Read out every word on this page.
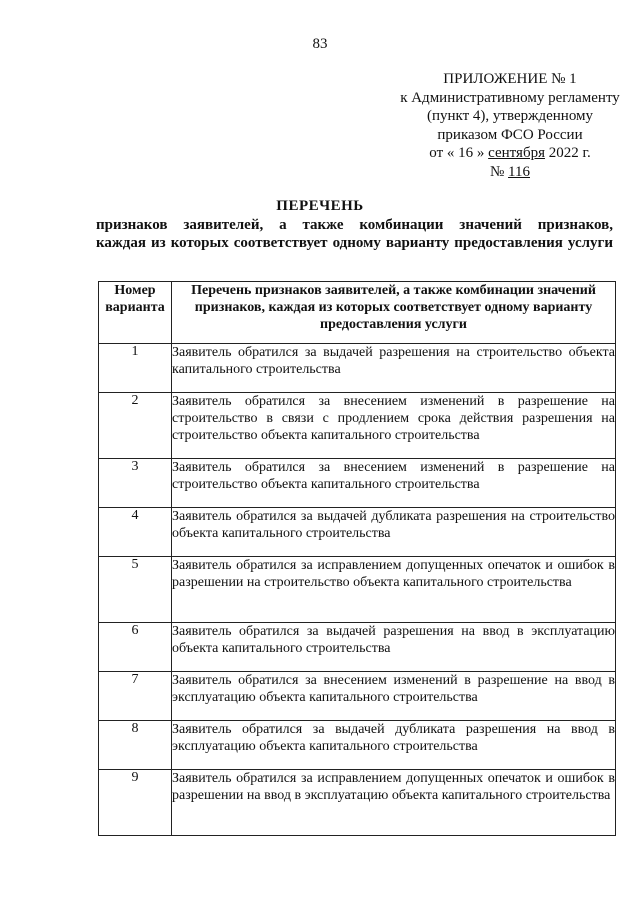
83
ПРИЛОЖЕНИЕ № 1
к Административному регламенту
(пункт 4), утвержденному
приказом ФСО России
от « 16 » сентября 2022 г.
№ 116
ПЕРЕЧЕНЬ
признаков заявителей, а также комбинации значений признаков,
каждая из которых соответствует одному варианту предоставления услуги
Номер варианта	Перечень признаков заявителей, а также комбинации значений признаков, каждая из которых соответствует одному варианту предоставления услуги
1	Заявитель обратился за выдачей разрешения на строительство объекта капитального строительства
2	Заявитель обратился за внесением изменений в разрешение на строительство в связи с продлением срока действия разрешения на строительство объекта капитального строительства
3	Заявитель обратился за внесением изменений в разрешение на строительство объекта капитального строительства
4	Заявитель обратился за выдачей дубликата разрешения на строительство объекта капитального строительства
5	Заявитель обратился за исправлением допущенных опечаток и ошибок в разрешении на строительство объекта капитального строительства
6	Заявитель обратился за выдачей разрешения на ввод в эксплуатацию объекта капитального строительства
7	Заявитель обратился за внесением изменений в разрешение на ввод в эксплуатацию объекта капитального строительства
8	Заявитель обратился за выдачей дубликата разрешения на ввод в эксплуатацию объекта капитального строительства
9	Заявитель обратился за исправлением допущенных опечаток и ошибок в разрешении на ввод в эксплуатацию объекта капитального строительства
